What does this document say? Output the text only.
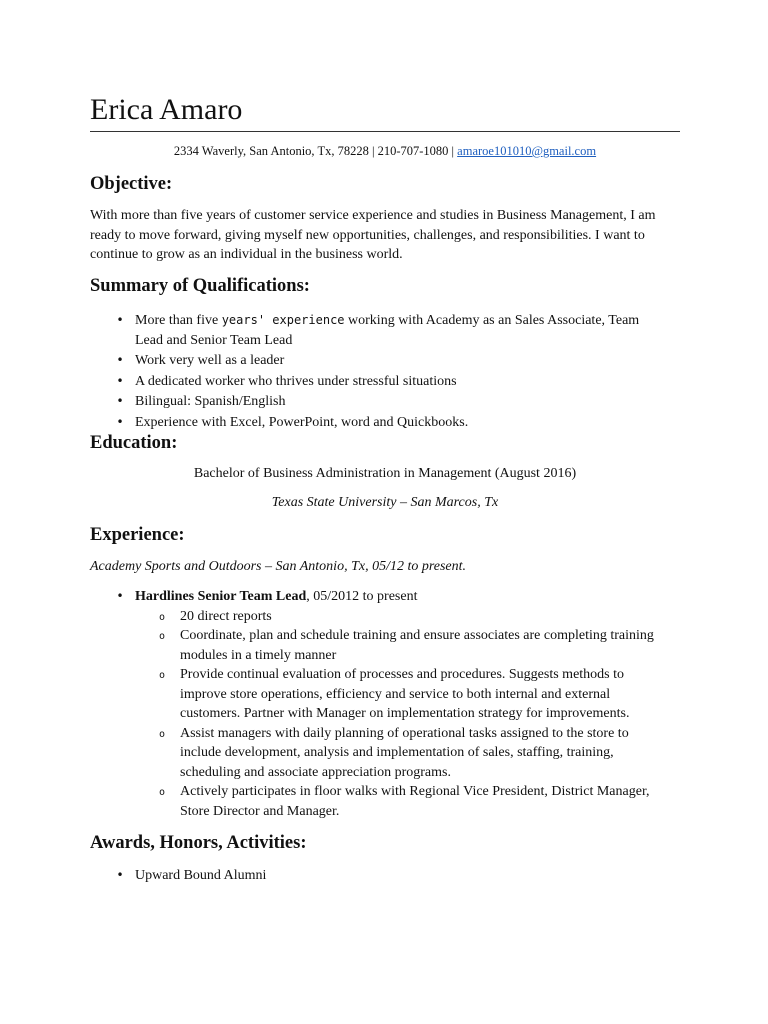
Erica Amaro
2334 Waverly, San Antonio, Tx, 78228 | 210-707-1080 | amaroe101010@gmail.com
Objective:

With more than five years of customer service experience and studies in Business Management, I am ready to move forward, giving myself new opportunities, challenges, and responsibilities. I want to continue to grow as an individual in the business world.

Summary of Qualifications:
•
More than five years' experience working with Academy as an Sales Associate, Team Lead and Senior Team Lead
•
Work very well as a leader
•
A dedicated worker who thrives under stressful situations
•
Bilingual: Spanish/English
•
Experience with Excel, PowerPoint, word and Quickbooks.
Education:

Bachelor of Business Administration in Management (August 2016)

Texas State University – San Marcos, Tx

Experience:

Academy Sports and Outdoors – San Antonio, Tx, 05/12 to present.

•
Hardlines Senior Team Lead, 05/2012 to present
o
20 direct reports
o
Coordinate, plan and schedule training and ensure associates are completing training modules in a timely manner
o
Provide continual evaluation of processes and procedures. Suggests methods to improve store operations, efficiency and service to both internal and external customers. Partner with Manager on implementation strategy for improvements.
o
Assist managers with daily planning of operational tasks assigned to the store to include development, analysis and implementation of sales, staffing, training, scheduling and associate appreciation programs.
o
Actively participates in floor walks with Regional Vice President, District Manager, Store Director and Manager.
Awards, Honors, Activities:
•
Upward Bound Alumni
